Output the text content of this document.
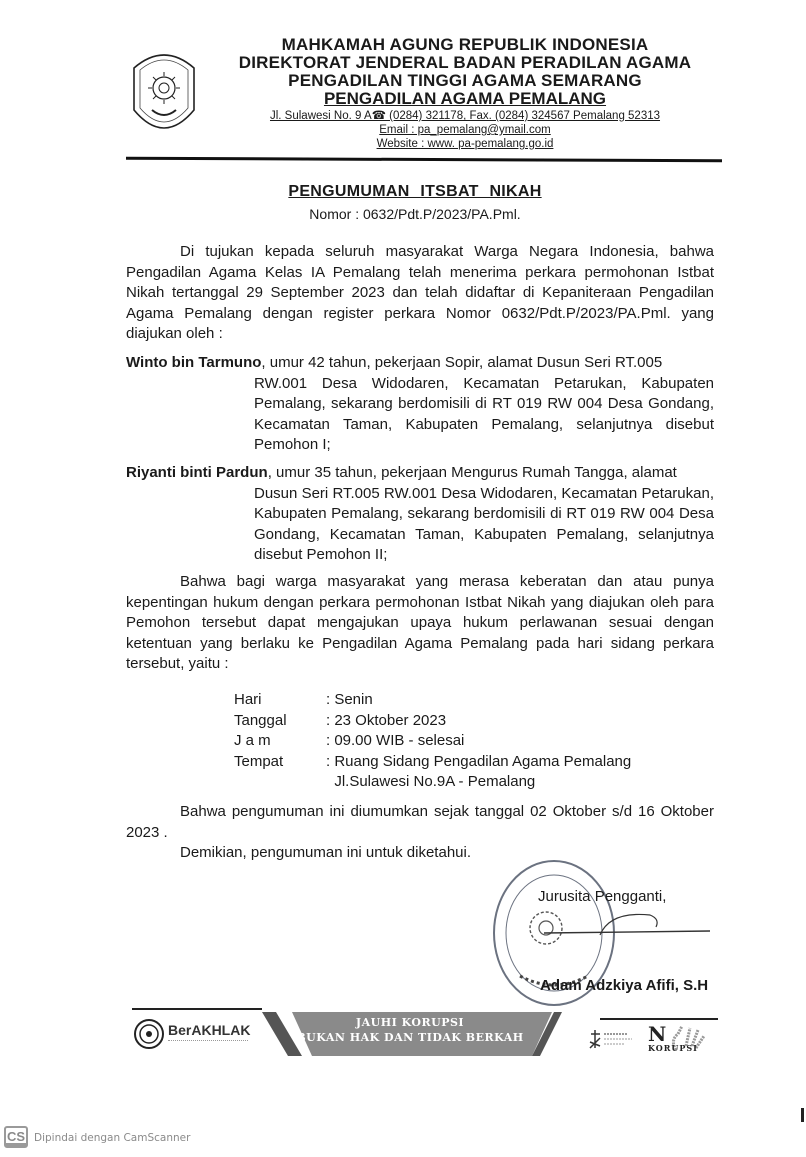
MAHKAMAH AGUNG REPUBLIK INDONESIA
DIREKTORAT JENDERAL BADAN PERADILAN AGAMA
PENGADILAN TINGGI AGAMA SEMARANG
PENGADILAN AGAMA PEMALANG
Jl. Sulawesi No. 9 A☎ (0284) 321178, Fax. (0284) 324567 Pemalang 52313
Email : pa_pemalang@ymail.com
Website : www. pa-pemalang.go.id
PENGUMUMAN ITSBAT NIKAH
Nomor : 0632/Pdt.P/2023/PA.Pml.
Di tujukan kepada seluruh masyarakat Warga Negara Indonesia, bahwa Pengadilan Agama Kelas IA Pemalang telah menerima perkara permohonan Istbat Nikah tertanggal 29 September 2023 dan telah didaftar di Kepaniteraan Pengadilan Agama Pemalang dengan register perkara Nomor 0632/Pdt.P/2023/PA.Pml. yang diajukan oleh :
Winto bin Tarmuno, umur 42 tahun, pekerjaan Sopir, alamat Dusun Seri RT.005
RW.001 Desa Widodaren, Kecamatan Petarukan, Kabupaten Pemalang, sekarang berdomisili di RT 019 RW 004 Desa Gondang, Kecamatan Taman, Kabupaten Pemalang, selanjutnya disebut Pemohon I;
Riyanti binti Pardun, umur 35 tahun, pekerjaan Mengurus Rumah Tangga, alamat
Dusun Seri RT.005 RW.001 Desa Widodaren, Kecamatan Petarukan, Kabupaten Pemalang, sekarang berdomisili di RT 019 RW 004 Desa Gondang, Kecamatan Taman, Kabupaten Pemalang, selanjutnya disebut Pemohon II;
Bahwa bagi warga masyarakat yang merasa keberatan dan atau punya kepentingan hukum dengan perkara permohonan Istbat Nikah yang diajukan oleh para Pemohon tersebut dapat mengajukan upaya hukum perlawanan sesuai dengan ketentuan yang berlaku ke Pengadilan Agama Pemalang pada hari sidang perkara tersebut, yaitu :
Hari	: Senin
Tanggal	: 23 Oktober 2023
J a m	: 09.00 WIB - selesai
Tempat	: Ruang Sidang Pengadilan Agama Pemalang
Jl.Sulawesi No.9A - Pemalang
Bahwa pengumuman ini diumumkan sejak tanggal 02 Oktober s/d 16 Oktober 2023 .
Demikian, pengumuman ini untuk diketahui.
Jurusita Pengganti,
Adam Adzkiya Afifi, S.H
BerAKHLAK	JAUHI KORUPSI
BUKAN HAK DAN TIDAK BERKAH	N
KORUPSI
CS Dipindai dengan CamScanner
